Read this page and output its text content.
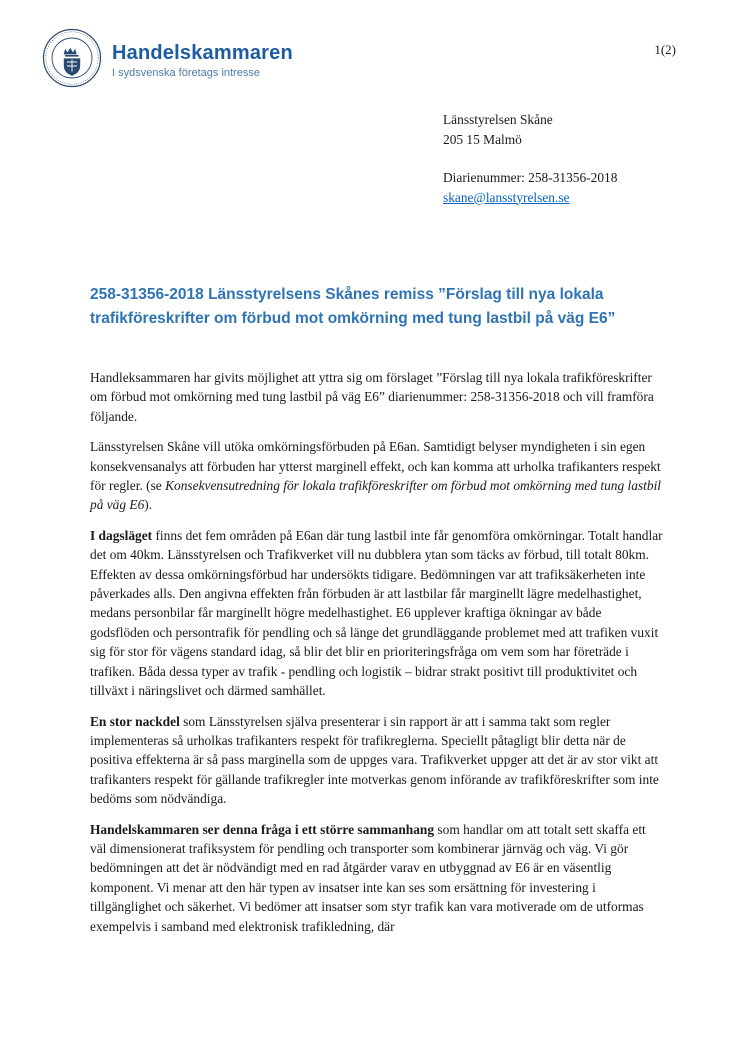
Handelskammaren
I sydsvenska företags intresse
1(2)
Länsstyrelsen Skåne
205 15 Malmö
Diarienummer: 258-31356-2018
skane@lansstyrelsen.se
258-31356-2018 Länsstyrelsens Skånes remiss ”Förslag till nya lokala trafikföreskrifter om förbud mot omkörning med tung lastbil på väg E6”

Handleksammaren har givits möjlighet att yttra sig om förslaget ”Förslag till nya lokala trafikföreskrifter om förbud mot omkörning med tung lastbil på väg E6” diarienummer: 258-31356-2018 och vill framföra följande.

Länsstyrelsen Skåne vill utöka omkörningsförbuden på E6an. Samtidigt belyser myndigheten i sin egen konsekvensanalys att förbuden har ytterst marginell effekt, och kan komma att urholka trafikanters respekt för regler. (se Konsekvensutredning för lokala trafikföreskrifter om förbud mot omkörning med tung lastbil på väg E6).

I dagsläget finns det fem områden på E6an där tung lastbil inte får genomföra omkörningar. Totalt handlar det om 40km. Länsstyrelsen och Trafikverket vill nu dubblera ytan som täcks av förbud, till totalt 80km. Effekten av dessa omkörningsförbud har undersökts tidigare. Bedömningen var att trafiksäkerheten inte påverkades alls. Den angivna effekten från förbuden är att lastbilar får marginellt lägre medelhastighet, medans personbilar får marginellt högre medelhastighet. E6 upplever kraftiga ökningar av både godsflöden och persontrafik för pendling och så länge det grundläggande problemet med att trafiken vuxit sig för stor för vägens standard idag, så blir det blir en prioriteringsfråga om vem som har företräde i trafiken. Båda dessa typer av trafik - pendling och logistik – bidrar strakt positivt till produktivitet och tillväxt i näringslivet och därmed samhället.

En stor nackdel som Länsstyrelsen själva presenterar i sin rapport är att i samma takt som regler implementeras så urholkas trafikanters respekt för trafikreglerna. Speciellt påtagligt blir detta när de positiva effekterna är så pass marginella som de uppges vara. Trafikverket uppger att det är av stor vikt att trafikanters respekt för gällande trafikregler inte motverkas genom införande av trafikföreskrifter som inte bedöms som nödvändiga.

Handelskammaren ser denna fråga i ett större sammanhang som handlar om att totalt sett skaffa ett väl dimensionerat trafiksystem för pendling och transporter som kombinerar järnväg och väg. Vi gör bedömningen att det är nödvändigt med en rad åtgärder varav en utbyggnad av E6 är en väsentlig komponent. Vi menar att den här typen av insatser inte kan ses som ersättning för investering i tillgänglighet och säkerhet. Vi bedömer att insatser som styr trafik kan vara motiverade om de utformas exempelvis i samband med elektronisk trafikledning, där
